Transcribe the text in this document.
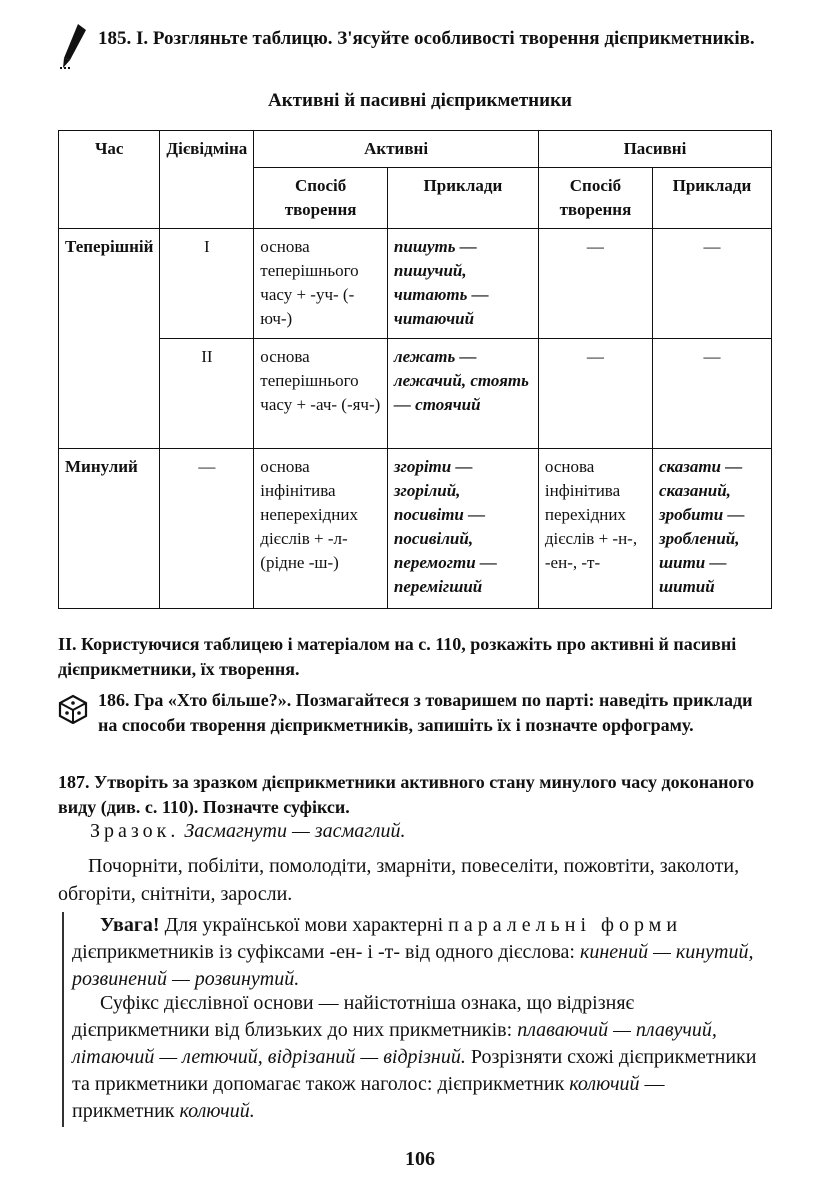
185. І. Розгляньте таблицю. З'ясуйте особливості творення дієприкметників.
Активні й пасивні дієприкметники
Час	Дієвідміна	Активні		Пасивні	
		Спосіб творення	Приклади	Спосіб творення	Приклади
Теперішній	I	основа теперішнього часу + -уч- (-юч-)	пишуть — пишучий, читають — читаючий	—	—
	II	основа теперішнього часу + -ач- (-яч-)	лежать — лежачий, стоять — стоячий	—	—
Минулий	—	основа інфінітива неперехідних дієслів + -л- (рідне -ш-)	згоріти — згорілий, посивіти — посивілий, перемогти — перемігший	основа інфінітива перехідних дієслів + -н-, -ен-, -т-	сказати — сказаний, зробити — зроблений, шити — шитий
ІІ. Користуючися таблицею і матеріалом на с. 110, розкажіть про активні й пасивні дієприкметники, їх творення.
186. Гра «Хто більше?». Позмагайтеся з товаришем по парті: наведіть приклади на способи творення дієприкметників, запишіть їх і позначте орфограму.
187. Утворіть за зразком дієприкметники активного стану минулого часу доконаного виду (див. с. 110). Позначте суфікси.
Зразок. Засмагнути — засмаглий.
Почорніти, побіліти, помолодіти, змарніти, повеселіти, пожовтіти, заколоти, обгоріти, снітніти, заросли.
Увага! Для української мови характерні паралельні форми дієприкметників із суфіксами -ен- і -т- від одного дієслова: кинений — кинутий, розвинений — розвинутий.
Суфікс дієслівної основи — найістотніша ознака, що відрізняє дієприкметники від близьких до них прикметників: плаваючий — плавучий, літаючий — летючий, відрізаний — відрізний. Розрізняти схожі дієприкметники та прикметники допомагає також наголос: дієприкметник колючий — прикметник колючий.
106
